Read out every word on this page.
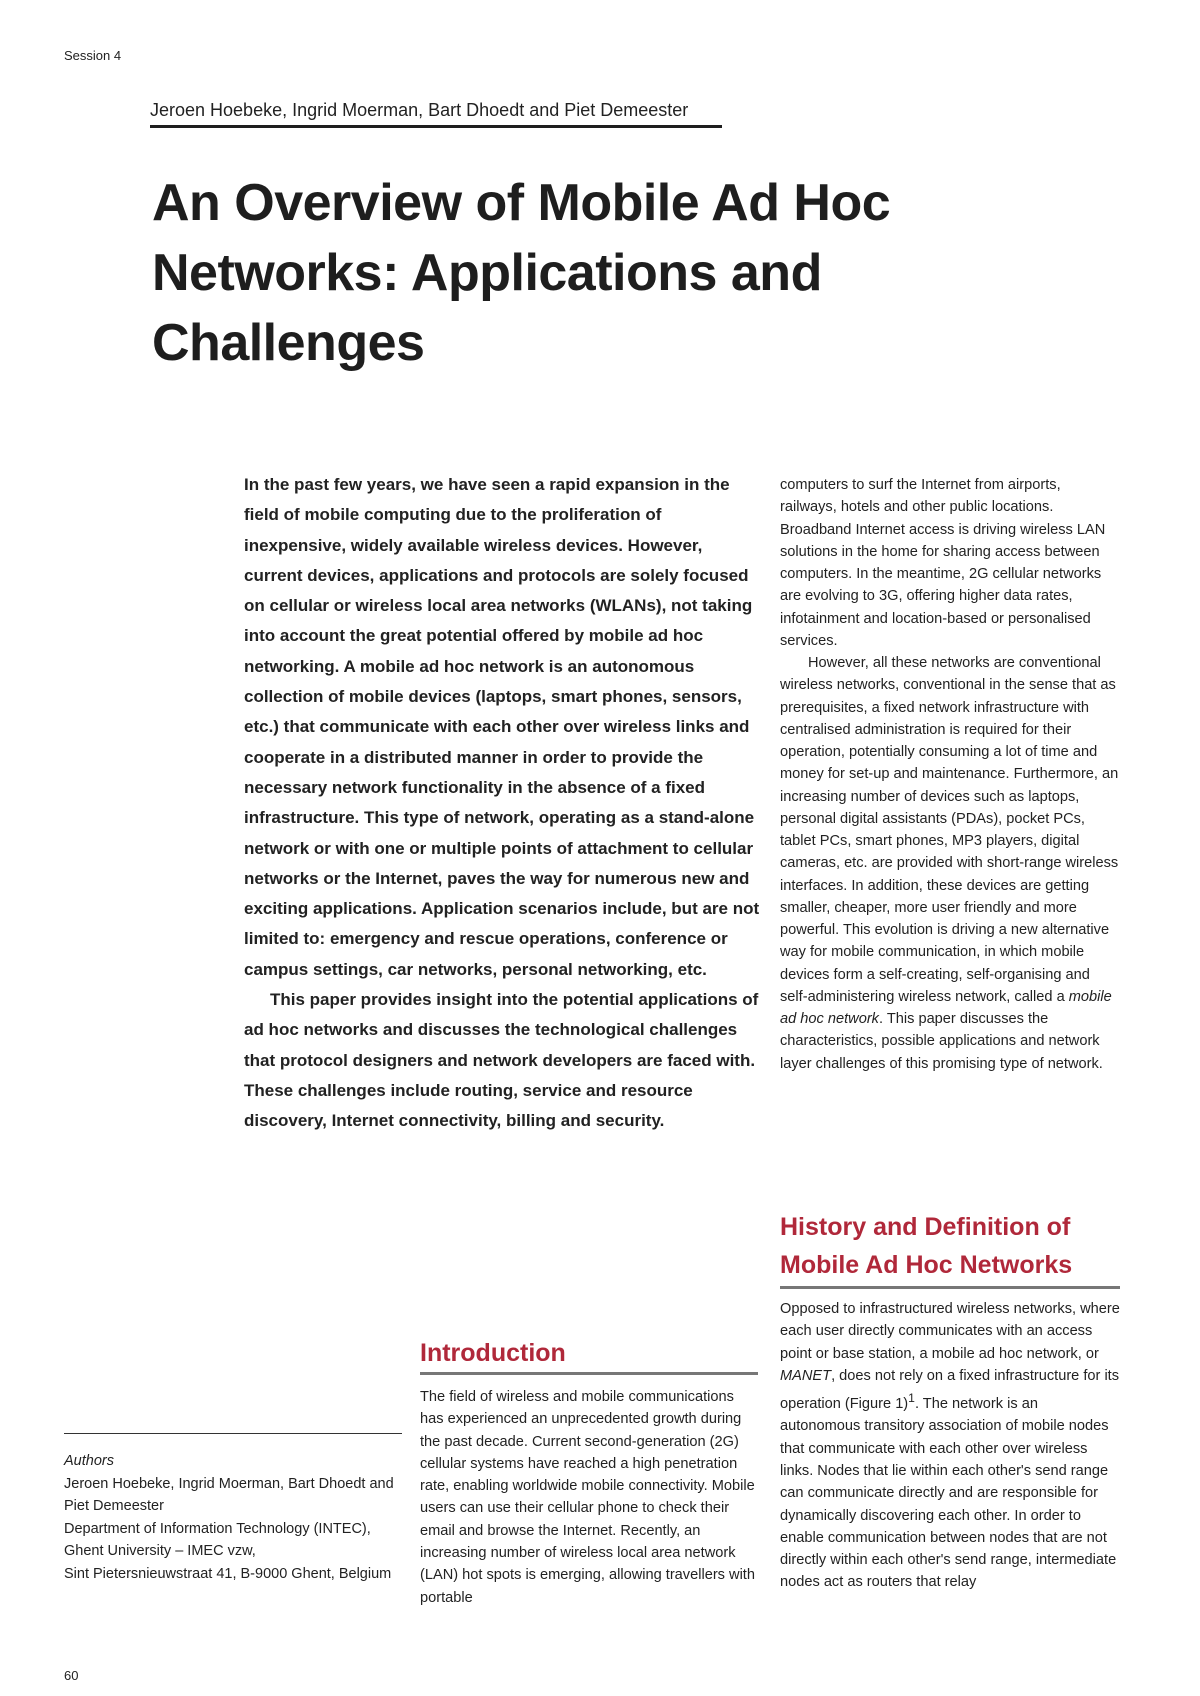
Session 4
Jeroen Hoebeke, Ingrid Moerman, Bart Dhoedt and Piet Demeester
An Overview of Mobile Ad Hoc Networks: Applications and Challenges

In the past few years, we have seen a rapid expansion in the field of mobile computing due to the proliferation of inexpensive, widely available wireless devices. However, current devices, applications and protocols are solely focused on cellular or wireless local area networks (WLANs), not taking into account the great potential offered by mobile ad hoc networking. A mobile ad hoc network is an autonomous collection of mobile devices (laptops, smart phones, sensors, etc.) that communicate with each other over wireless links and cooperate in a distributed manner in order to provide the necessary network functionality in the absence of a fixed infrastructure. This type of network, operating as a stand-alone network or with one or multiple points of attachment to cellular networks or the Internet, paves the way for numerous new and exciting applications. Application scenarios include, but are not limited to: emergency and rescue operations, conference or campus settings, car networks, personal networking, etc.

This paper provides insight into the potential applications of ad hoc networks and discusses the technological challenges that protocol designers and network developers are faced with. These challenges include routing, service and resource discovery, Internet connectivity, billing and security.

computers to surf the Internet from airports, railways, hotels and other public locations. Broadband Internet access is driving wireless LAN solutions in the home for sharing access between computers. In the meantime, 2G cellular networks are evolving to 3G, offering higher data rates, infotainment and location-based or personalised services.

However, all these networks are conventional wireless networks, conventional in the sense that as prerequisites, a fixed network infrastructure with centralised administration is required for their operation, potentially consuming a lot of time and money for set-up and maintenance. Furthermore, an increasing number of devices such as laptops, personal digital assistants (PDAs), pocket PCs, tablet PCs, smart phones, MP3 players, digital cameras, etc. are provided with short-range wireless interfaces. In addition, these devices are getting smaller, cheaper, more user friendly and more powerful. This evolution is driving a new alternative way for mobile communication, in which mobile devices form a self-creating, self-organising and self-administering wireless network, called a mobile ad hoc network. This paper discusses the characteristics, possible applications and network layer challenges of this promising type of network.

History and Definition of Mobile Ad Hoc Networks

Opposed to infrastructured wireless networks, where each user directly communicates with an access point or base station, a mobile ad hoc network, or MANET, does not rely on a fixed infrastructure for its operation (Figure 1)$^1$. The network is an autonomous transitory association of mobile nodes that communicate with each other over wireless links. Nodes that lie within each other's send range can communicate directly and are responsible for dynamically discovering each other. In order to enable communication between nodes that are not directly within each other's send range, intermediate nodes act as routers that relay

Introduction

The field of wireless and mobile communications has experienced an unprecedented growth during the past decade. Current second-generation (2G) cellular systems have reached a high penetration rate, enabling worldwide mobile connectivity. Mobile users can use their cellular phone to check their email and browse the Internet. Recently, an increasing number of wireless local area network (LAN) hot spots is emerging, allowing travellers with portable

Authors
Jeroen Hoebeke, Ingrid Moerman, Bart Dhoedt and Piet Demeester
Department of Information Technology (INTEC),
Ghent University – IMEC vzw,
Sint Pietersnieuwstraat 41, B-9000 Ghent, Belgium
60
